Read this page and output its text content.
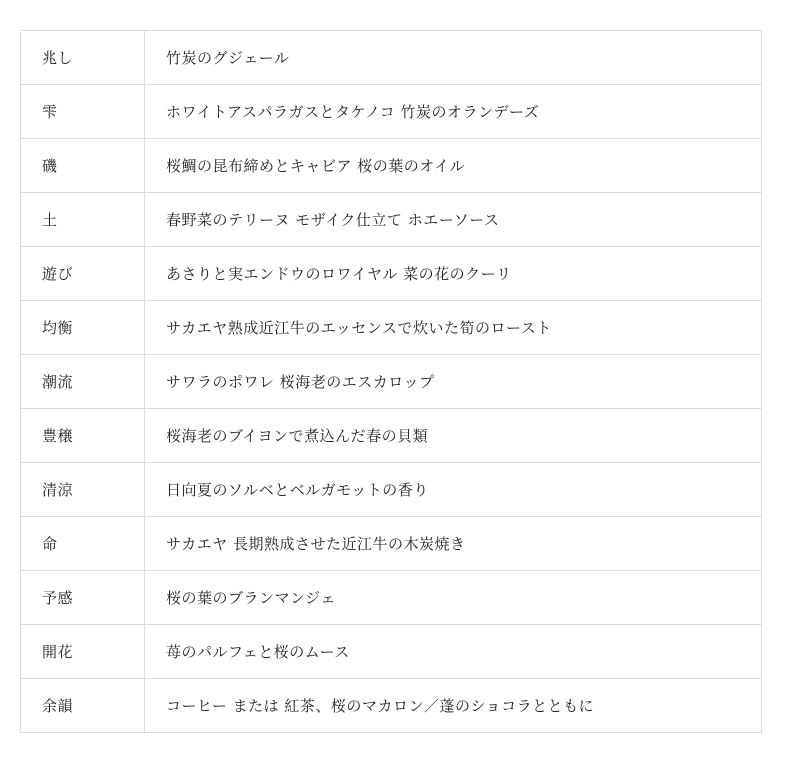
兆し	竹炭のグジェール
雫	ホワイトアスパラガスとタケノコ 竹炭のオランデーズ
磯	桜鯛の昆布締めとキャビア 桜の葉のオイル
土	春野菜のテリーヌ モザイク仕立て ホエーソース
遊び	あさりと実エンドウのロワイヤル 菜の花のクーリ
均衡	サカエヤ熟成近江牛のエッセンスで炊いた筍のロースト
潮流	サワラのポワレ 桜海老のエスカロップ
豊穣	桜海老のブイヨンで煮込んだ春の貝類
清涼	日向夏のソルベとベルガモットの香り
命	サカエヤ 長期熟成させた近江牛の木炭焼き
予感	桜の葉のブランマンジェ
開花	苺のパルフェと桜のムース
余韻	コーヒー または 紅茶、桜のマカロン／蓬のショコラとともに
